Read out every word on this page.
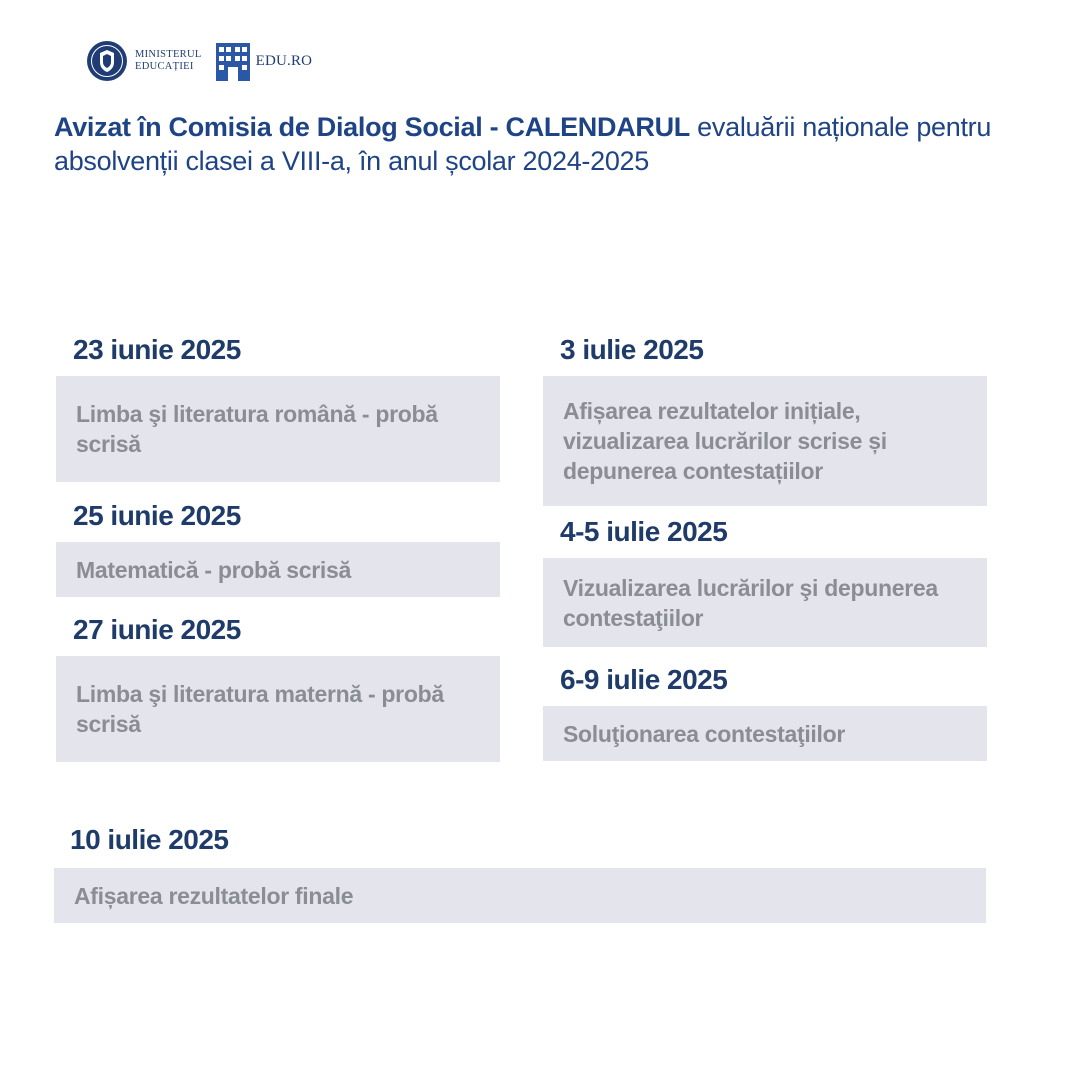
MINISTERUL
EDUCAȚIEI	EDU.RO
Avizat în Comisia de Dialog Social - CALENDARUL evaluării naționale pentru absolvenții clasei a VIII-a, în anul școlar 2024-2025
23 iunie 2025
Limba şi literatura română - probă scrisă
25 iunie 2025
Matematică - probă scrisă
27 iunie 2025
Limba şi literatura maternă - probă scrisă
3 iulie 2025
Afișarea rezultatelor inițiale, vizualizarea lucrărilor scrise și depunerea contestațiilor
4-5 iulie 2025
Vizualizarea lucrărilor şi depunerea contestaţiilor
6-9 iulie 2025
Soluţionarea contestaţiilor
10 iulie 2025
Afișarea rezultatelor finale
